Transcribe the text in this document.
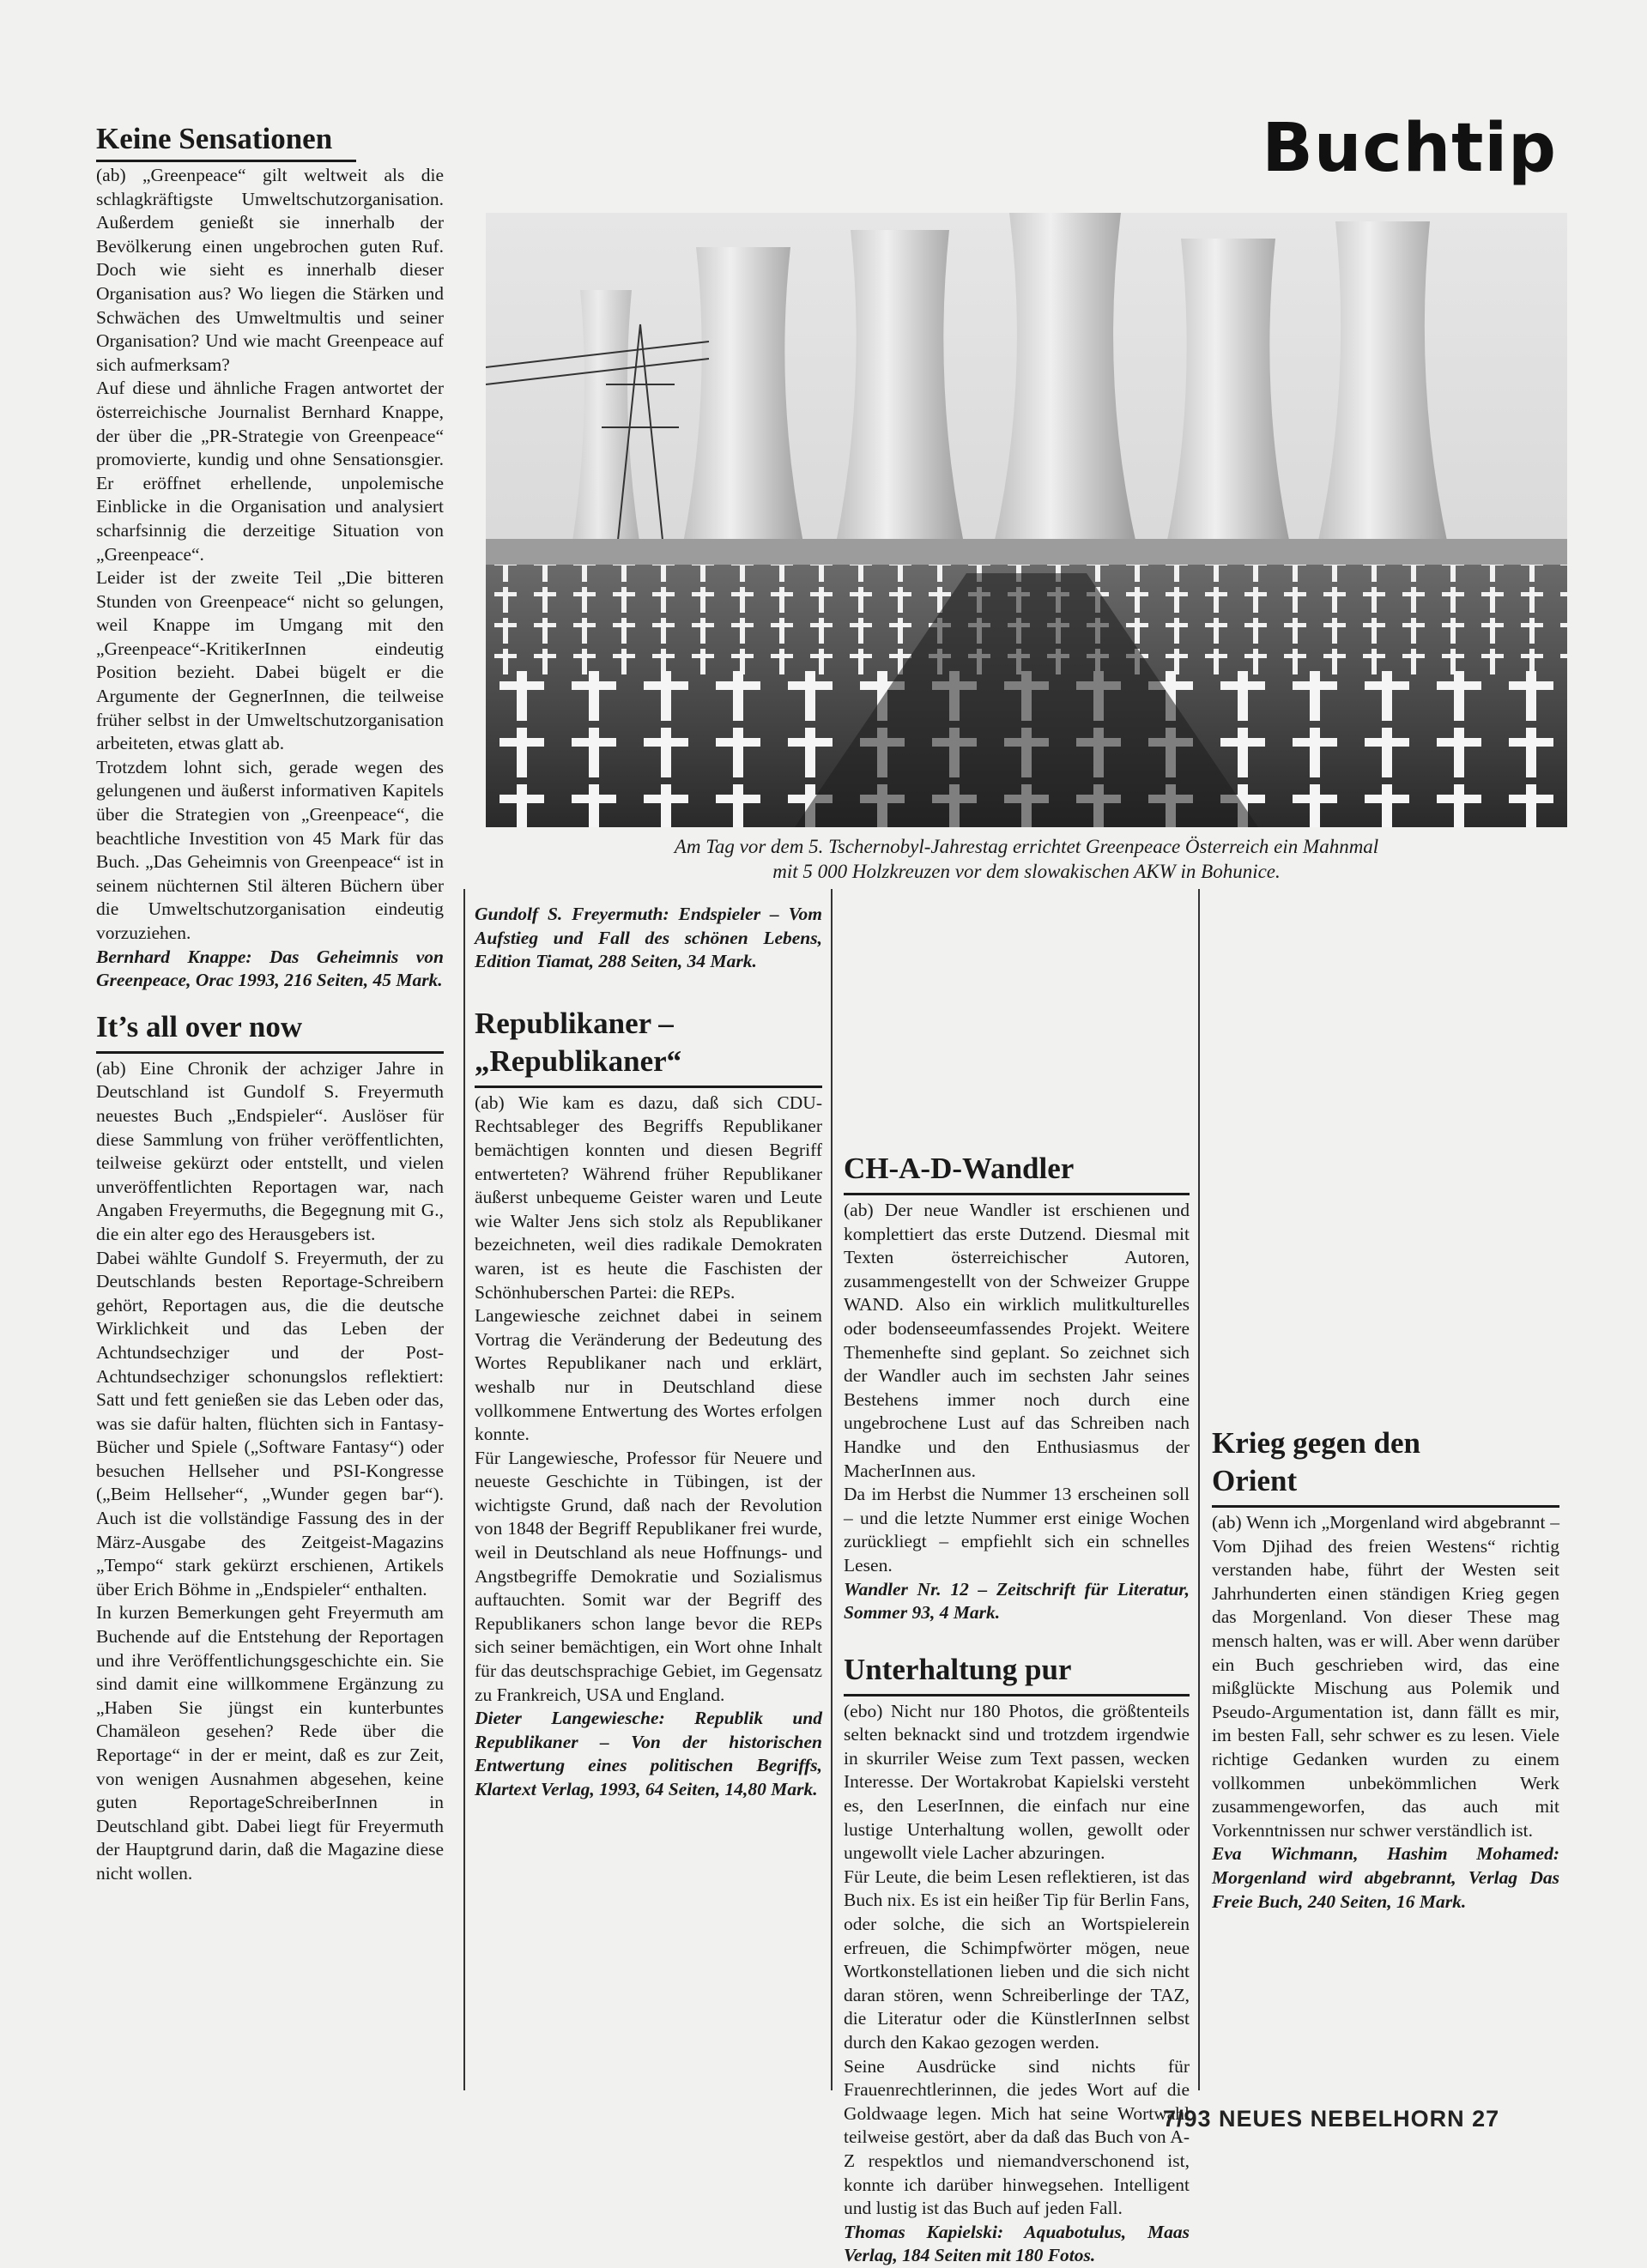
Keine Sensationen

(ab) „Greenpeace“ gilt weltweit als die schlagkräftigste Umweltschutzorganisation. Außerdem genießt sie innerhalb der Bevölkerung einen ungebrochen guten Ruf. Doch wie sieht es innerhalb dieser Organisation aus? Wo liegen die Stärken und Schwächen des Umweltmultis und seiner Organisation? Und wie macht Greenpeace auf sich aufmerksam?

Auf diese und ähnliche Fragen antwortet der österreichische Journalist Bernhard Knappe, der über die „PR-Strategie von Greenpeace“ promovierte, kundig und ohne Sensationsgier. Er eröffnet erhellende, unpolemische Einblicke in die Organisation und analysiert scharfsinnig die derzeitige Situation von „Greenpeace“.

Leider ist der zweite Teil „Die bitteren Stunden von Greenpeace“ nicht so gelungen, weil Knappe im Umgang mit den „Greenpeace“-KritikerInnen eindeutig Position bezieht. Dabei bügelt er die Argumente der GegnerInnen, die teilweise früher selbst in der Umweltschutzorganisation arbeiteten, etwas glatt ab.

Trotzdem lohnt sich, gerade wegen des gelungenen und äußerst informativen Kapitels über die Strategien von „Greenpeace“, die beachtliche Investition von 45 Mark für das Buch. „Das Geheimnis von Greenpeace“ ist in seinem nüchternen Stil älteren Büchern über die Umweltschutzorganisation eindeutig vorzuziehen.

Bernhard Knappe: Das Geheimnis von Greenpeace, Orac 1993, 216 Seiten, 45 Mark.

It’s all over now

(ab) Eine Chronik der achziger Jahre in Deutschland ist Gundolf S. Freyermuth neuestes Buch „Endspieler“. Auslöser für diese Sammlung von früher veröffentlichten, teilweise gekürzt oder entstellt, und vielen unveröffentlichten Reportagen war, nach Angaben Freyermuths, die Begegnung mit G., die ein alter ego des Herausgebers ist.

Dabei wählte Gundolf S. Freyermuth, der zu Deutschlands besten Reportage-Schreibern gehört, Reportagen aus, die die deutsche Wirklichkeit und das Leben der Achtundsechziger und der Post-Achtundsechziger schonungslos reflektiert: Satt und fett genießen sie das Leben oder das, was sie dafür halten, flüchten sich in Fantasy-Bücher und Spiele („Software Fantasy“) oder besuchen Hellseher und PSI-Kongresse („Beim Hellseher“, „Wunder gegen bar“). Auch ist die vollständige Fassung des in der März-Ausgabe des Zeitgeist-Magazins „Tempo“ stark gekürzt erschienen, Artikels über Erich Böhme in „Endspieler“ enthalten.

In kurzen Bemerkungen geht Freyermuth am Buchende auf die Entstehung der Reportagen und ihre Veröffentlichungsgeschichte ein. Sie sind damit eine willkommene Ergänzung zu „Haben Sie jüngst ein kunterbuntes Chamäleon gesehen? Rede über die Reportage“ in der er meint, daß es zur Zeit, von wenigen Ausnahmen abgesehen, keine guten ReportageSchreiberInnen in Deutschland gibt. Dabei liegt für Freyermuth der Hauptgrund darin, daß die Magazine diese nicht wollen.

Buchtip
Am Tag vor dem 5. Tschernobyl-Jahrestag errichtet Greenpeace Österreich ein Mahnmal
mit 5 000 Holzkreuzen vor dem slowakischen AKW in Bohunice.

Gundolf S. Freyermuth: Endspieler – Vom Aufstieg und Fall des schönen Lebens, Edition Tiamat, 288 Seiten, 34 Mark.

Republikaner –
„Republikaner“

(ab) Wie kam es dazu, daß sich CDU-Rechtsableger des Begriffs Republikaner bemächtigen konnten und diesen Begriff entwerteten? Während früher Republikaner äußerst unbequeme Geister waren und Leute wie Walter Jens sich stolz als Republikaner bezeichneten, weil dies radikale Demokraten waren, ist es heute die Faschisten der Schönhuberschen Partei: die REPs.

Langewiesche zeichnet dabei in seinem Vortrag die Veränderung der Bedeutung des Wortes Republikaner nach und erklärt, weshalb nur in Deutschland diese vollkommene Entwertung des Wortes erfolgen konnte.

Für Langewiesche, Professor für Neuere und neueste Geschichte in Tübingen, ist der wichtigste Grund, daß nach der Revolution von 1848 der Begriff Republikaner frei wurde, weil in Deutschland als neue Hoffnungs- und Angstbegriffe Demokratie und Sozialismus auftauchten. Somit war der Begriff des Republikaners schon lange bevor die REPs sich seiner bemächtigen, ein Wort ohne Inhalt für das deutschsprachige Gebiet, im Gegensatz zu Frankreich, USA und England.

Dieter Langewiesche: Republik und Republikaner – Von der historischen Entwertung eines politischen Begriffs, Klartext Verlag, 1993, 64 Seiten, 14,80 Mark.

CH-A-D-Wandler

(ab) Der neue Wandler ist erschienen und komplettiert das erste Dutzend. Diesmal mit Texten österreichischer Autoren, zusammengestellt von der Schweizer Gruppe WAND. Also ein wirklich mulitkulturelles oder bodenseeumfassendes Projekt. Weitere Themenhefte sind geplant. So zeichnet sich der Wandler auch im sechsten Jahr seines Bestehens immer noch durch eine ungebrochene Lust auf das Schreiben nach Handke und den Enthusiasmus der MacherInnen aus.

Da im Herbst die Nummer 13 erscheinen soll – und die letzte Nummer erst einige Wochen zurückliegt – empfiehlt sich ein schnelles Lesen.

Wandler Nr. 12 – Zeitschrift für Literatur, Sommer 93, 4 Mark.

Unterhaltung pur

(ebo) Nicht nur 180 Photos, die größtenteils selten beknackt sind und trotzdem irgendwie in skurriler Weise zum Text passen, wecken Interesse. Der Wortakrobat Kapielski versteht es, den LeserInnen, die einfach nur eine lustige Unterhaltung wollen, gewollt oder ungewollt viele Lacher abzuringen.

Für Leute, die beim Lesen reflektieren, ist das Buch nix. Es ist ein heißer Tip für Berlin Fans, oder solche, die sich an Wortspielerein erfreuen, die Schimpfwörter mögen, neue Wortkonstellationen lieben und die sich nicht daran stören, wenn Schreiberlinge der TAZ, die Literatur oder die KünstlerInnen selbst durch den Kakao gezogen werden.

Seine Ausdrücke sind nichts für Frauenrechtlerinnen, die jedes Wort auf die Goldwaage legen. Mich hat seine Wortwahl teilweise gestört, aber da daß das Buch von A-Z respektlos und niemandverschonend ist, konnte ich darüber hinwegsehen. Intelligent und lustig ist das Buch auf jeden Fall.

Thomas Kapielski: Aquabotulus, Maas Verlag, 184 Seiten mit 180 Fotos.

Krieg gegen den
Orient

(ab) Wenn ich „Morgenland wird abgebrannt – Vom Djihad des freien Westens“ richtig verstanden habe, führt der Westen seit Jahrhunderten einen ständigen Krieg gegen das Morgenland. Von dieser These mag mensch halten, was er will. Aber wenn darüber ein Buch geschrieben wird, das eine mißglückte Mischung aus Polemik und Pseudo-Argumentation ist, dann fällt es mir, im besten Fall, sehr schwer es zu lesen. Viele richtige Gedanken wurden zu einem vollkommen unbekömmlichen Werk zusammengeworfen, das auch mit Vorkenntnissen nur schwer verständlich ist.

Eva Wichmann, Hashim Mohamed: Morgenland wird abgebrannt, Verlag Das Freie Buch, 240 Seiten, 16 Mark.

7/93 NEUES NEBELHORN 27
